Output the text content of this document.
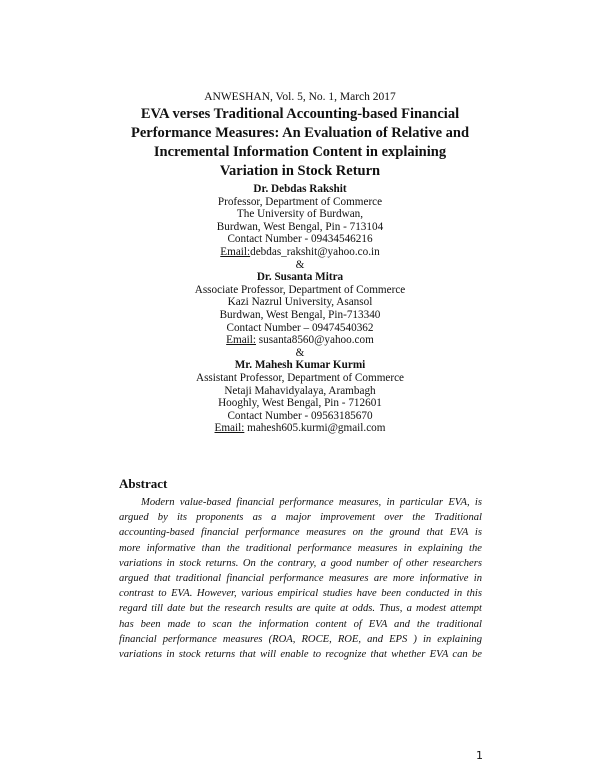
ANWESHAN, Vol. 5, No. 1, March 2017
EVA verses Traditional Accounting-based Financial
Performance Measures: An Evaluation of Relative and
Incremental Information Content in explaining
Variation in Stock Return
Dr. Debdas Rakshit
Professor, Department of Commerce
The University of Burdwan,
Burdwan, West Bengal, Pin - 713104
Contact Number - 09434546216
Email:debdas_rakshit@yahoo.co.in
&
Dr. Susanta Mitra
Associate Professor, Department of Commerce
Kazi Nazrul University, Asansol
Burdwan, West Bengal, Pin-713340
Contact Number – 09474540362
Email: susanta8560@yahoo.com
&
Mr. Mahesh Kumar Kurmi
Assistant Professor, Department of Commerce
Netaji Mahavidyalaya, Arambagh
Hooghly, West Bengal, Pin - 712601
Contact Number - 09563185670
Email: mahesh605.kurmi@gmail.com
Abstract
Modern value-based financial performance measures, in particular EVA, is
argued by its proponents as a major improvement over the Traditional
accounting-based financial performance measures on the ground that EVA is
more informative than the traditional performance measures in explaining the
variations in stock returns. On the contrary, a good number of other researchers
argued that traditional financial performance measures are more informative in
contrast to EVA. However, various empirical studies have been conducted in this
regard till date but the research results are quite at odds. Thus, a modest attempt
has been made to scan the information content of EVA and the traditional
financial performance measures (ROA, ROCE, ROE, and EPS ) in explaining
variations in stock returns that will enable to recognize that whether EVA can be
1
